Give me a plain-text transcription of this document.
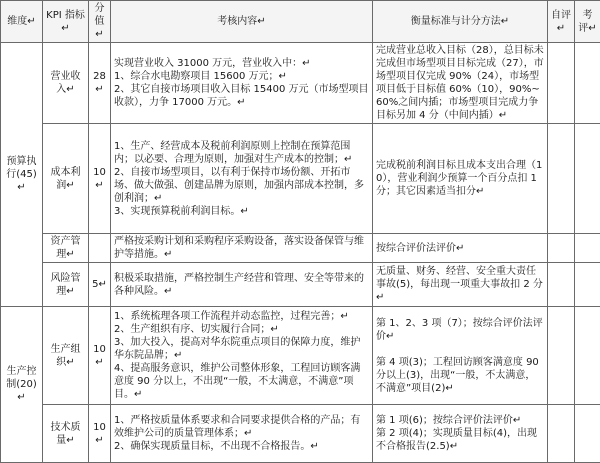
维度↵	KPI 指标↵	分值↵	考核内容↵	衡量标准与计分方法↵	自评↵	考评↵
预算执行(45)↵	营业收入↵	28↵	实现营业收入 31000 万元，营业收入中：↵
1、综合水电勘察项目 15600 万元；↵
2、其它自接市场项目收入目标 15400 万元（市场型项目收款），力争 17000 万元。↵	完成营业总收入目标（28），总目标未完成但市场型项目目标完成（27），市场型项目仅完成 90%（24），市场型项目低于目标值 60%（10），90%~60%之间内插；市场型项目完成力争目标另加 4 分（中间内插）↵		
	成本利润↵	10↵	1、生产、经营成本及税前利润原则上控制在预算范围内；以必要、合理为原则，加强对生产成本的控制；↵
2、自接市场型项目，以有利于保持市场份额、开拓市场、做大做强、创建品牌为原则，加强内部成本控制，多创利润；↵
3、实现预算税前利润目标。↵	完成税前利润目标且成本支出合理（10），营业利润少预算一个百分点扣 1 分；其它因素适当扣分↵		
	资产管理↵		严格按采购计划和采购程序采购设备，落实设备保管与维护等措施。↵	按综合评价法评价↵		
	风险管理↵	5↵	积极采取措施，严格控制生产经营和管理、安全等带来的各种风险。↵	无质量、财务、经营、安全重大责任事故(5)，每出现一项重大事故扣 2 分↵		
生产控制(20)↵	生产组织↵	10↵	1、系统梳理各项工作流程并动态监控，过程完善；↵
2、生产组织有序、切实履行合同；↵
3、加大投入，提高对华东院重点项目的保障力度，维护华东院品牌；↵
4、提高服务意识，维护公司整体形象，工程回访顾客满意度 90 分以上，不出现“一般，不太满意，不满意”项目。↵	第 1、2、3 项（7）；按综合评价法评价↵

第 4 项(3)；工程回访顾客满意度 90 分以上(3)，出现“一般，不太满意，不满意”项目(2)↵		
	技术质量↵	10↵	1、严格按质量体系要求和合同要求提供合格的产品；有效维护公司的质量管理体系；↵
2、确保实现质量目标，不出现不合格报告。↵	第 1 项(6)；按综合评价法评价↵
第 2 项(4)；实现质量目标(4)，出现不合格报告(2.5)↵		
